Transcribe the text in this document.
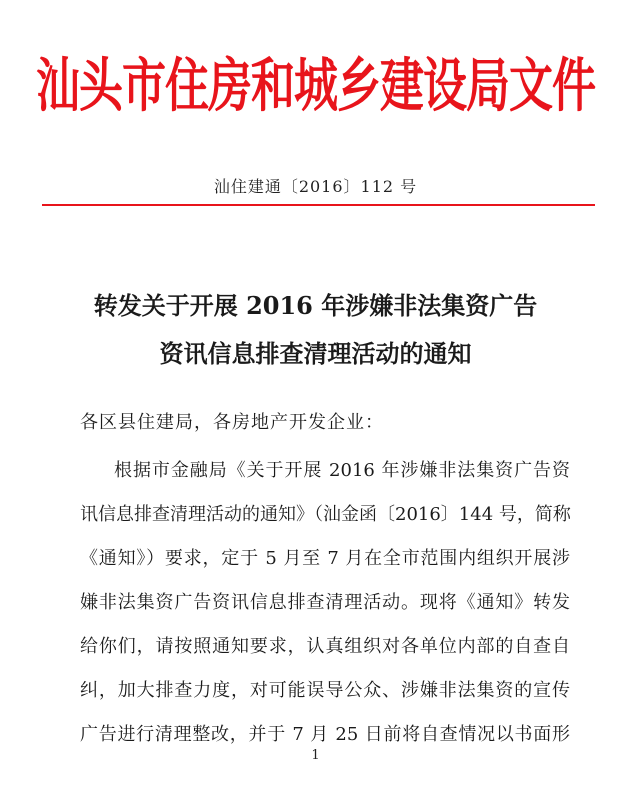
汕头市住房和城乡建设局文件
汕住建通〔2016〕112 号
转发关于开展 2016 年涉嫌非法集资广告
资讯信息排查清理活动的通知
各区县住建局，各房地产开发企业：
根据市金融局《关于开展 2016 年涉嫌非法集资广告资
讯信息排查清理活动的通知》（汕金函〔2016〕144 号，简称
《通知》）要求，定于 5 月至 7 月在全市范围内组织开展涉
嫌非法集资广告资讯信息排查清理活动。现将《通知》转发
给你们，请按照通知要求，认真组织对各单位内部的自查自
纠，加大排查力度，对可能误导公众、涉嫌非法集资的宣传
广告进行清理整改，并于 7 月 25 日前将自查情况以书面形
1
